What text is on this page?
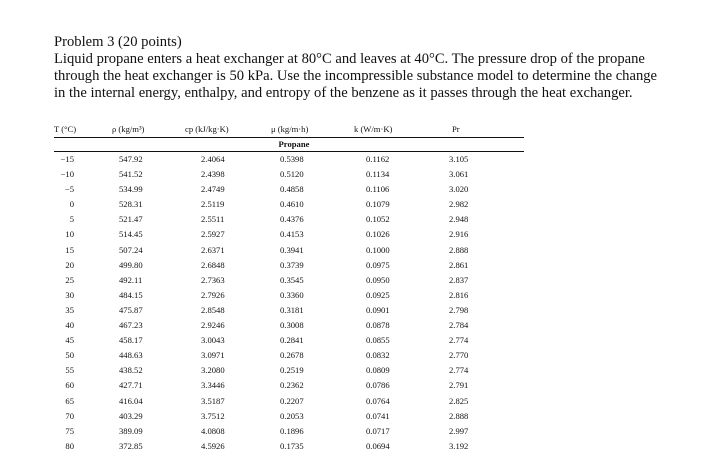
Problem 3 (20 points)

Liquid propane enters a heat exchanger at 80°C and leaves at 40°C. The pressure drop of the propane through the heat exchanger is 50 kPa. Use the incompressible substance model to determine the change in the internal energy, enthalpy, and entropy of the benzene as it passes through the heat exchanger.

T (°C)	ρ (kg/m³)	cp (kJ/kg·K)	μ (kg/m·h)	k (W/m·K)	Pr
Propane
−15	547.92	2.4064	0.5398	0.1162	3.105
−10	541.52	2.4398	0.5120	0.1134	3.061
−5	534.99	2.4749	0.4858	0.1106	3.020
0	528.31	2.5119	0.4610	0.1079	2.982
5	521.47	2.5511	0.4376	0.1052	2.948
10	514.45	2.5927	0.4153	0.1026	2.916
15	507.24	2.6371	0.3941	0.1000	2.888
20	499.80	2.6848	0.3739	0.0975	2.861
25	492.11	2.7363	0.3545	0.0950	2.837
30	484.15	2.7926	0.3360	0.0925	2.816
35	475.87	2.8548	0.3181	0.0901	2.798
40	467.23	2.9246	0.3008	0.0878	2.784
45	458.17	3.0043	0.2841	0.0855	2.774
50	448.63	3.0971	0.2678	0.0832	2.770
55	438.52	3.2080	0.2519	0.0809	2.774
60	427.71	3.3446	0.2362	0.0786	2.791
65	416.04	3.5187	0.2207	0.0764	2.825
70	403.29	3.7512	0.2053	0.0741	2.888
75	389.09	4.0808	0.1896	0.0717	2.997
80	372.85	4.5926	0.1735	0.0694	3.192
